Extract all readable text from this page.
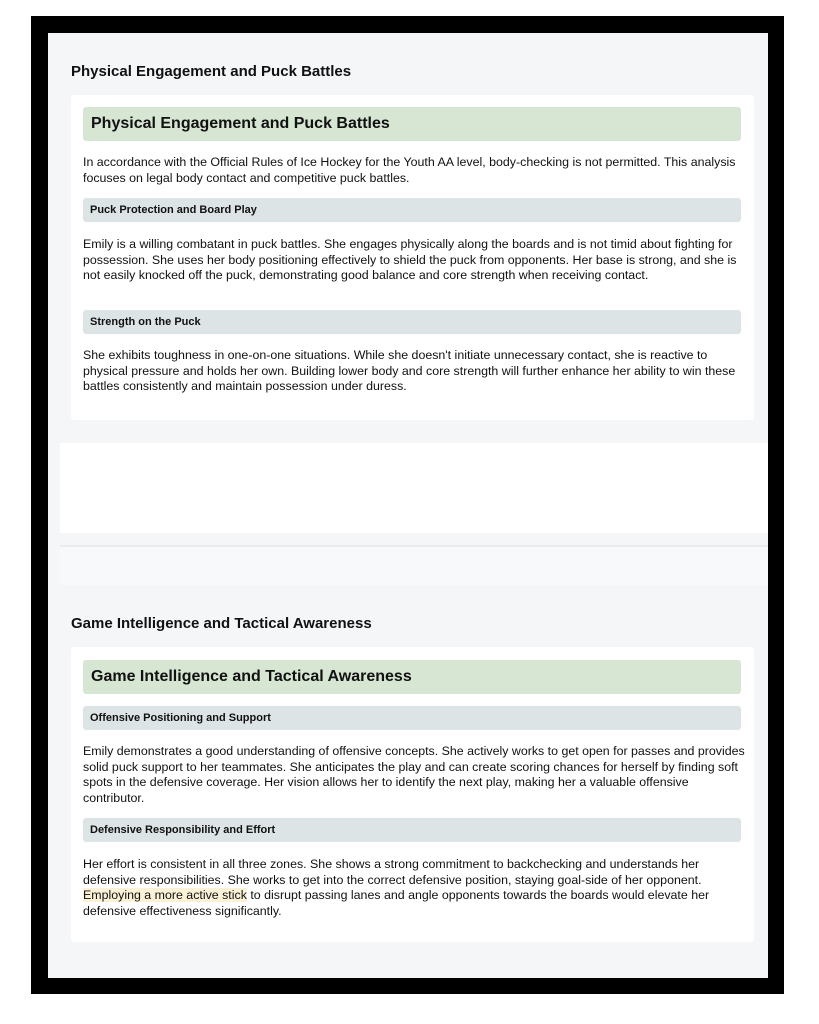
Physical Engagement and Puck Battles
Physical Engagement and Puck Battles
In accordance with the Official Rules of Ice Hockey for the Youth AA level, body-checking is not permitted. This analysis focuses on legal body contact and competitive puck battles.
Puck Protection and Board Play
Emily is a willing combatant in puck battles. She engages physically along the boards and is not timid about fighting for possession. She uses her body positioning effectively to shield the puck from opponents. Her base is strong, and she is not easily knocked off the puck, demonstrating good balance and core strength when receiving contact.
Strength on the Puck
She exhibits toughness in one-on-one situations. While she doesn't initiate unnecessary contact, she is reactive to physical pressure and holds her own. Building lower body and core strength will further enhance her ability to win these battles consistently and maintain possession under duress.
Game Intelligence and Tactical Awareness
Game Intelligence and Tactical Awareness
Offensive Positioning and Support
Emily demonstrates a good understanding of offensive concepts. She actively works to get open for passes and provides solid puck support to her teammates. She anticipates the play and can create scoring chances for herself by finding soft spots in the defensive coverage. Her vision allows her to identify the next play, making her a valuable offensive contributor.
Defensive Responsibility and Effort
Her effort is consistent in all three zones. She shows a strong commitment to backchecking and understands her defensive responsibilities. She works to get into the correct defensive position, staying goal-side of her opponent. Employing a more active stick to disrupt passing lanes and angle opponents towards the boards would elevate her defensive effectiveness significantly.
